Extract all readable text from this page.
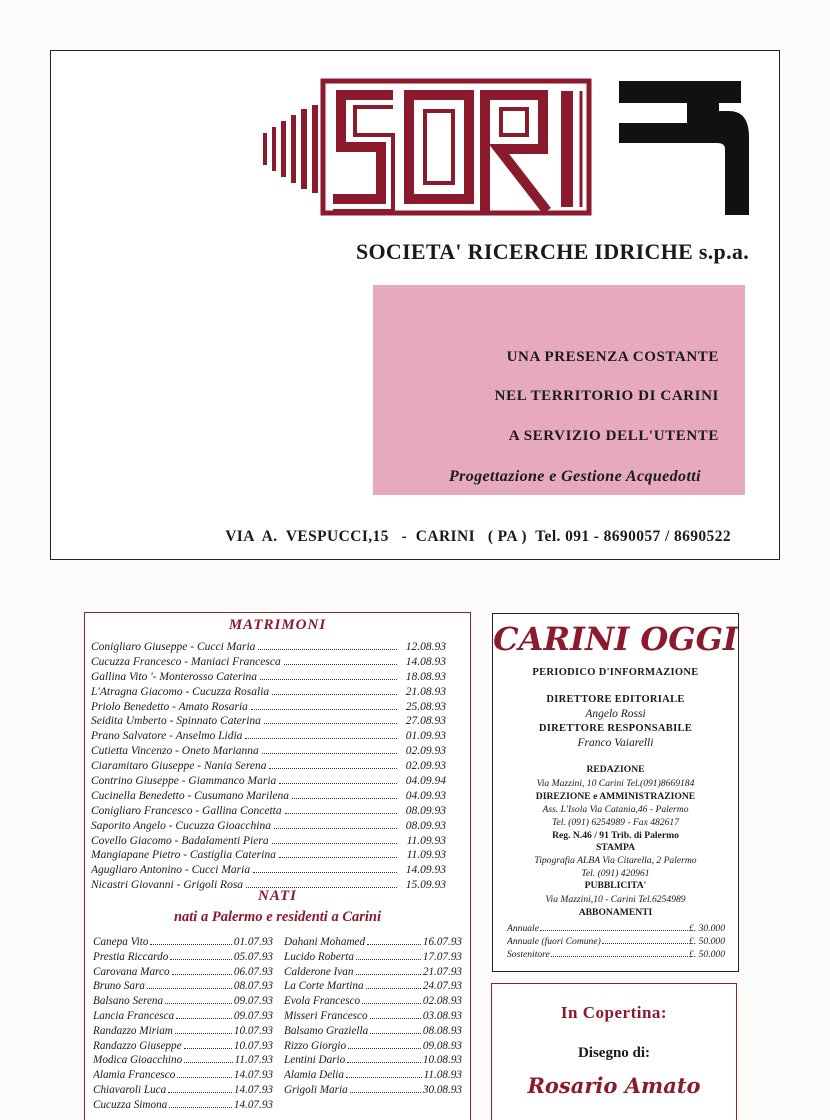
SOCIETA' RICERCHE IDRICHE s.p.a.
UNA PRESENZA COSTANTE
NEL TERRITORIO DI CARINI
A SERVIZIO DELL'UTENTE
Progettazione e Gestione Acquedotti
VIA  A.  VESPUCCI,15   -  CARINI   ( PA )  Tel. 091 - 8690057 / 8690522
MATRIMONI
Conigliaro Giuseppe - Cucci Maria	12.08.93
Cucuzza Francesco - Maniaci Francesca	14.08.93
Gallina Vito '- Monterosso Caterina	18.08.93
L'Atragna Giacomo - Cucuzza Rosalia	21.08.93
Priolo Benedetto - Amato Rosaria	25.08.93
Seidita Umberto - Spinnato Caterina	27.08.93
Prano Salvatore - Anselmo Lidia	01.09.93
Cutietta Vincenzo - Oneto Marianna	02.09.93
Ciaramitaro Giuseppe - Nania Serena	02.09.93
Contrino Giuseppe - Giammanco Maria	04.09.94
Cucinella Benedetto - Cusumano Marilena	04.09.93
Conigliaro Francesco - Gallina Concetta	08.09.93
Saporito Angelo - Cucuzza Gioacchina	08.09.93
Covello Giacomo - Badalamenti Piera	11.09.93
Mangiapane Pietro - Castiglia Caterina	11.09.93
Agugliaro Antonino - Cucci Maria	14.09.93
Nicastri Giovanni - Grigoli Rosa	15.09.93
NATI
nati a Palermo e residenti a Carini
Canepa Vito	01.07.93
Prestia Riccardo	05.07.93
Carovana Marco	06.07.93
Bruno Sara	08.07.93
Balsano Serena	09.07.93
Lancia Francesca	09.07.93
Randazzo Miriam	10.07.93
Randazzo Giuseppe	10.07.93
Modica Gioacchino	11.07.93
Alamia Francesco	14.07.93
Chiavaroli Luca	14.07.93
Cucuzza Simona	14.07.93
Dahani Mohamed	16.07.93
Lucido Roberta	17.07.93
Calderone Ivan	21.07.93
La Corte Martina	24.07.93
Evola Francesco	02.08.93
Misseri Francesco	03.08.93
Balsamo Graziella	08.08.93
Rizzo Giorgio	09.08.93
Lentini Dario	10.08.93
Alamia Delia	11.08.93
Grigoli Maria	30.08.93
CARINI OGGI
PERIODICO D'INFORMAZIONE
DIRETTORE EDITORIALE
Angelo Rossi
DIRETTORE RESPONSABILE
Franco Vaiarelli
REDAZIONE
Via Mazzini, 10 Carini Tel.(091)8669184
DIREZIONE e AMMINISTRAZIONE
Ass. L'Isola Via Catania,46 - Palermo
Tel. (091) 6254989 - Fax 482617
Reg. N.46 / 91 Trib. di Palermo
STAMPA
Tipografia ALBA Via Citarella, 2 Palermo
Tel. (091) 420961
PUBBLICITA'
Via Mazzini,10 - Carini Tel.6254989
ABBONAMENTI
Annuale	£. 30.000
Annuale (fuori Comune)	£. 50.000
Sostenitore	£. 50.000
In Copertina:
Disegno di:
Rosario Amato
